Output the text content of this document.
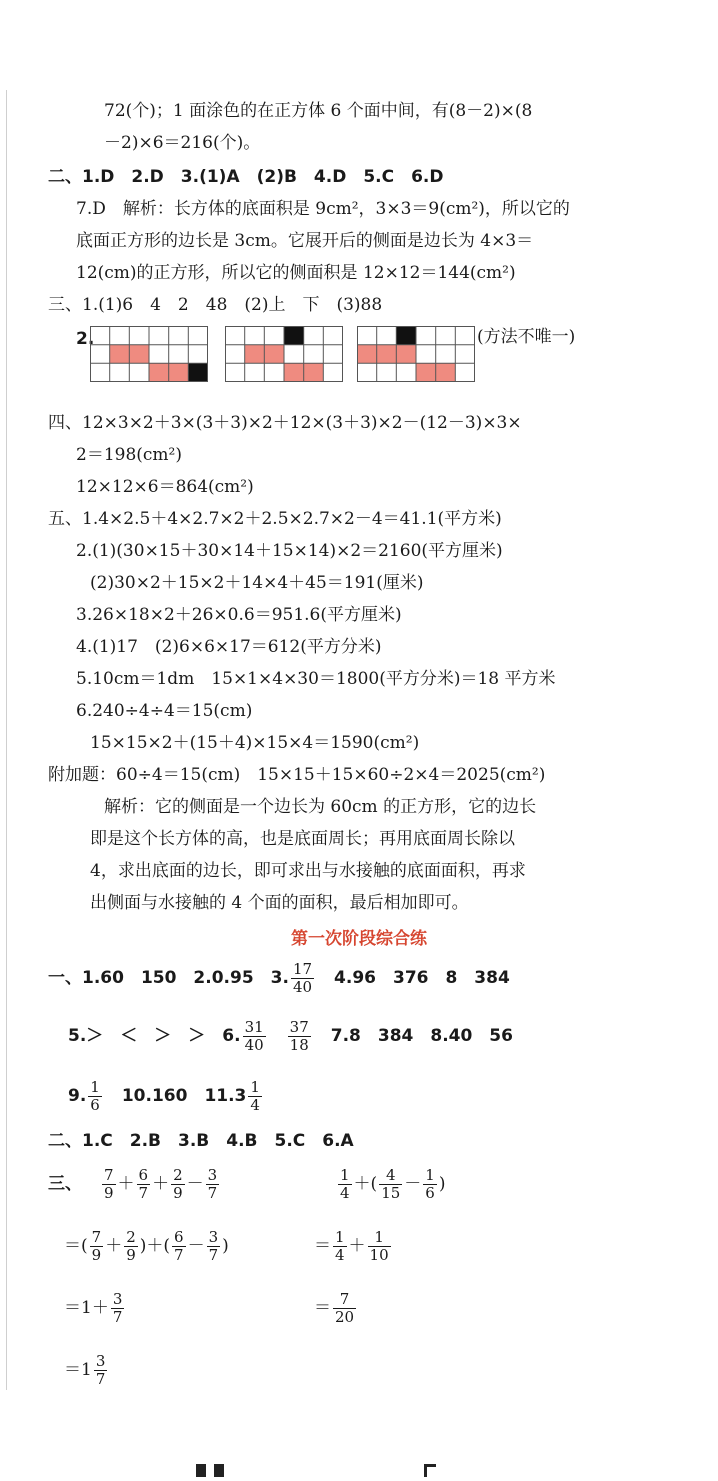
72(个)；1 面涂色的在正方体 6 个面中间，有(8－2)×(8
－2)×6＝216(个)。
二、1.D　2.D　3.(1)A　(2)B　4.D　5.C　6.D
7.D　解析：长方体的底面积是 9cm²，3×3＝9(cm²)，所以它的
底面正方形的边长是 3cm。它展开后的侧面是边长为 4×3＝
12(cm)的正方形，所以它的侧面积是 12×12＝144(cm²)
三、1.(1)6　4　2　48　(2)上　下　(3)88
2.	(方法不唯一)
四、12×3×2＋3×(3＋3)×2＋12×(3＋3)×2－(12－3)×3×
2＝198(cm²)
12×12×6＝864(cm²)
五、1.4×2.5＋4×2.7×2＋2.5×2.7×2－4＝41.1(平方米)
2.(1)(30×15＋30×14＋15×14)×2＝2160(平方厘米)
(2)30×2＋15×2＋14×4＋45＝191(厘米)
3.26×18×2＋26×0.6＝951.6(平方厘米)
4.(1)17　(2)6×6×17＝612(平方分米)
5.10cm＝1dm　15×1×4×30＝1800(平方分米)＝18 平方米
6.240÷4÷4＝15(cm)
15×15×2＋(15＋4)×15×4＝1590(cm²)
附加题：60÷4＝15(cm)　15×15＋15×60÷2×4＝2025(cm²)
解析：它的侧面是一个边长为 60cm 的正方形，它的边长
即是这个长方体的高，也是底面周长；再用底面周长除以
4，求出底面的边长，即可求出与水接触的底面面积，再求
出侧面与水接触的 4 个面的面积，最后相加即可。
第一次阶段综合练
一、1.60　150　2.0.95　3. $\frac{17}{40} 4.96$　376　8　384
5.＞　＜　＞　＞　6. $\frac{31}{40} \frac{37}{18} 7.8$　384　8.40　56
9. $\frac{1}{6} 10.160$　$11.3 \frac{1}{4}$
二、1.C　2.B　3.B　4.B　5.C　6.A
三、 $\frac{7}{9} + \frac{6}{7} + \frac{2}{9} - \frac{3}{7}$
＝( $\frac{7}{9} + \frac{2}{9}$ )＋( $\frac{6}{7} - \frac{3}{7}$ )
$=1+ \frac{3}{7}$
$=1 \frac{3}{7}$
$\frac{1}{4}$ ＋( $\frac{4}{15} - \frac{1}{6}$ )
＝ $\frac{1}{4} + \frac{1}{10}$
＝ $\frac{7}{20}$
